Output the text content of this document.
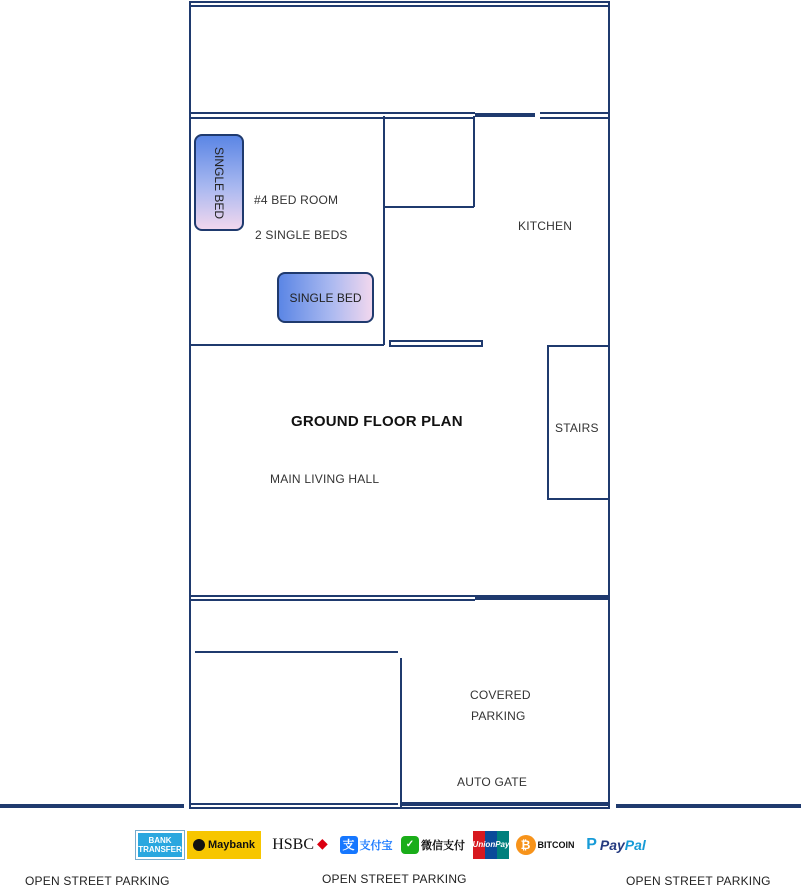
SINGLE BED
SINGLE BED
#4 BED ROOM
2 SINGLE BEDS
KITCHEN
GROUND FLOOR PLAN	STAIRS
MAIN LIVING HALL
COVERED
PARKING
AUTO GATE
BANK
TRANSFER Maybank HSBC ◆ 支 支付宝	✓ 微信支付 UnionPay ₿ BITCOIN P Pay Pal
OPEN STREET PARKING	OPEN STREET PARKING	OPEN STREET PARKING
